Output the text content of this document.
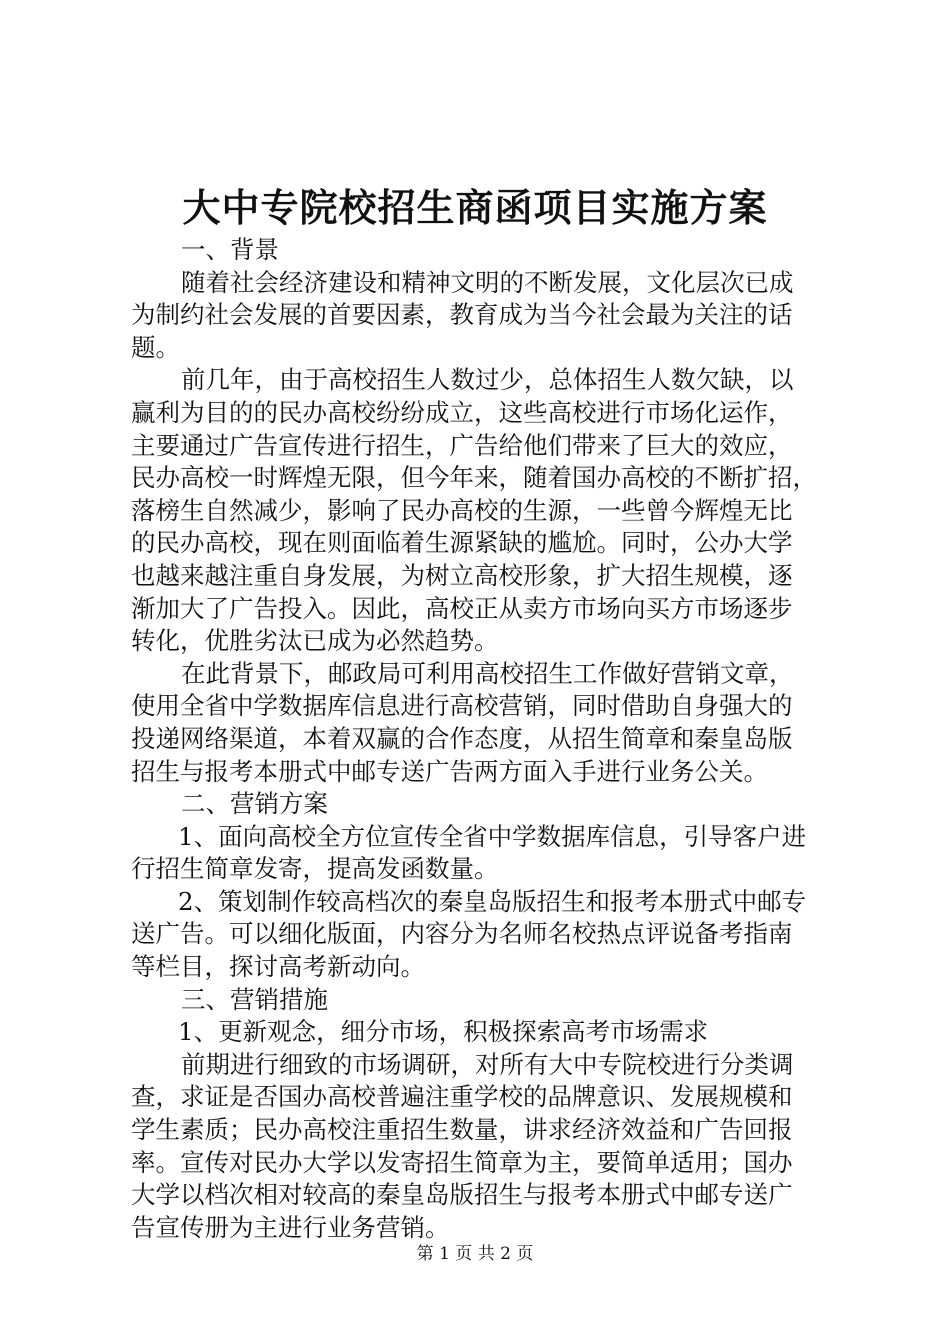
大中专院校招生商函项目实施方案
一、背景
随着社会经济建设和精神文明的不断发展，文化层次已成
为制约社会发展的首要因素，教育成为当今社会最为关注的话
题。
前几年，由于高校招生人数过少，总体招生人数欠缺，以
赢利为目的的民办高校纷纷成立，这些高校进行市场化运作，
主要通过广告宣传进行招生，广告给他们带来了巨大的效应，
民办高校一时辉煌无限，但今年来，随着国办高校的不断扩招，
落榜生自然减少，影响了民办高校的生源，一些曾今辉煌无比
的民办高校，现在则面临着生源紧缺的尴尬。同时，公办大学
也越来越注重自身发展，为树立高校形象，扩大招生规模，逐
渐加大了广告投入。因此，高校正从卖方市场向买方市场逐步
转化，优胜劣汰已成为必然趋势。
在此背景下，邮政局可利用高校招生工作做好营销文章，
使用全省中学数据库信息进行高校营销，同时借助自身强大的
投递网络渠道，本着双赢的合作态度，从招生简章和秦皇岛版
招生与报考本册式中邮专送广告两方面入手进行业务公关。
二、营销方案
1、面向高校全方位宣传全省中学数据库信息，引导客户进
行招生简章发寄，提高发函数量。
2、策划制作较高档次的秦皇岛版招生和报考本册式中邮专
送广告。可以细化版面，内容分为名师名校热点评说备考指南
等栏目，探讨高考新动向。
三、营销措施
1、更新观念，细分市场，积极探索高考市场需求
前期进行细致的市场调研，对所有大中专院校进行分类调
查，求证是否国办高校普遍注重学校的品牌意识、发展规模和
学生素质；民办高校注重招生数量，讲求经济效益和广告回报
率。宣传对民办大学以发寄招生简章为主，要简单适用；国办
大学以档次相对较高的秦皇岛版招生与报考本册式中邮专送广
告宣传册为主进行业务营销。
第 1 页 共 2 页
